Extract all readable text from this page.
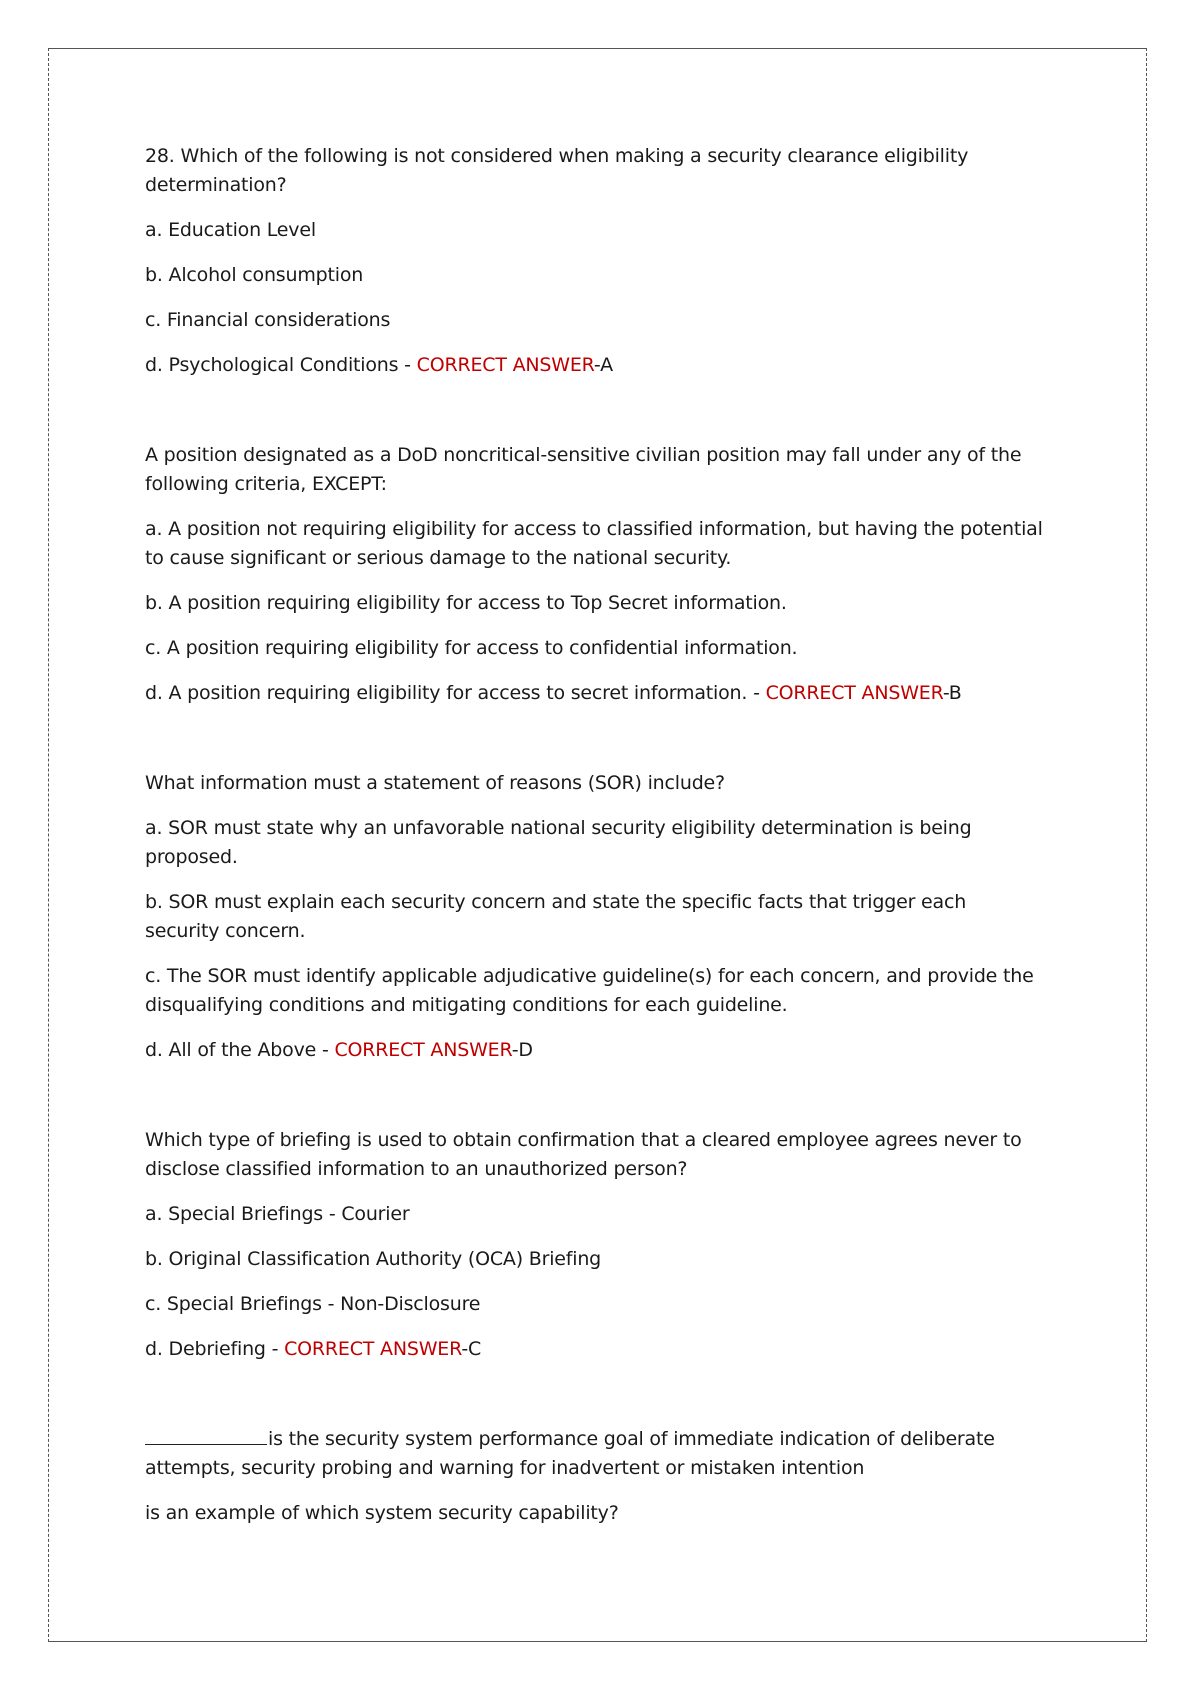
28. Which of the following is not considered when making a security clearance eligibility determination?

a. Education Level

b. Alcohol consumption

c. Financial considerations

d. Psychological Conditions - CORRECT ANSWER-A

A position designated as a DoD noncritical-sensitive civilian position may fall under any of the following criteria, EXCEPT:

a. A position not requiring eligibility for access to classified information, but having the potential to cause significant or serious damage to the national security.

b. A position requiring eligibility for access to Top Secret information.

c. A position requiring eligibility for access to confidential information.

d. A position requiring eligibility for access to secret information. - CORRECT ANSWER-B

What information must a statement of reasons (SOR) include?

a. SOR must state why an unfavorable national security eligibility determination is being proposed.

b. SOR must explain each security concern and state the specific facts that trigger each security concern.

c. The SOR must identify applicable adjudicative guideline(s) for each concern, and provide the disqualifying conditions and mitigating conditions for each guideline.

d. All of the Above - CORRECT ANSWER-D

Which type of briefing is used to obtain confirmation that a cleared employee agrees never to disclose classified information to an unauthorized person?

a. Special Briefings - Courier

b. Original Classification Authority (OCA) Briefing

c. Special Briefings - Non-Disclosure

d. Debriefing - CORRECT ANSWER-C

is the security system performance goal of immediate indication of deliberate attempts, security probing and warning for inadvertent or mistaken intention

is an example of which system security capability?
